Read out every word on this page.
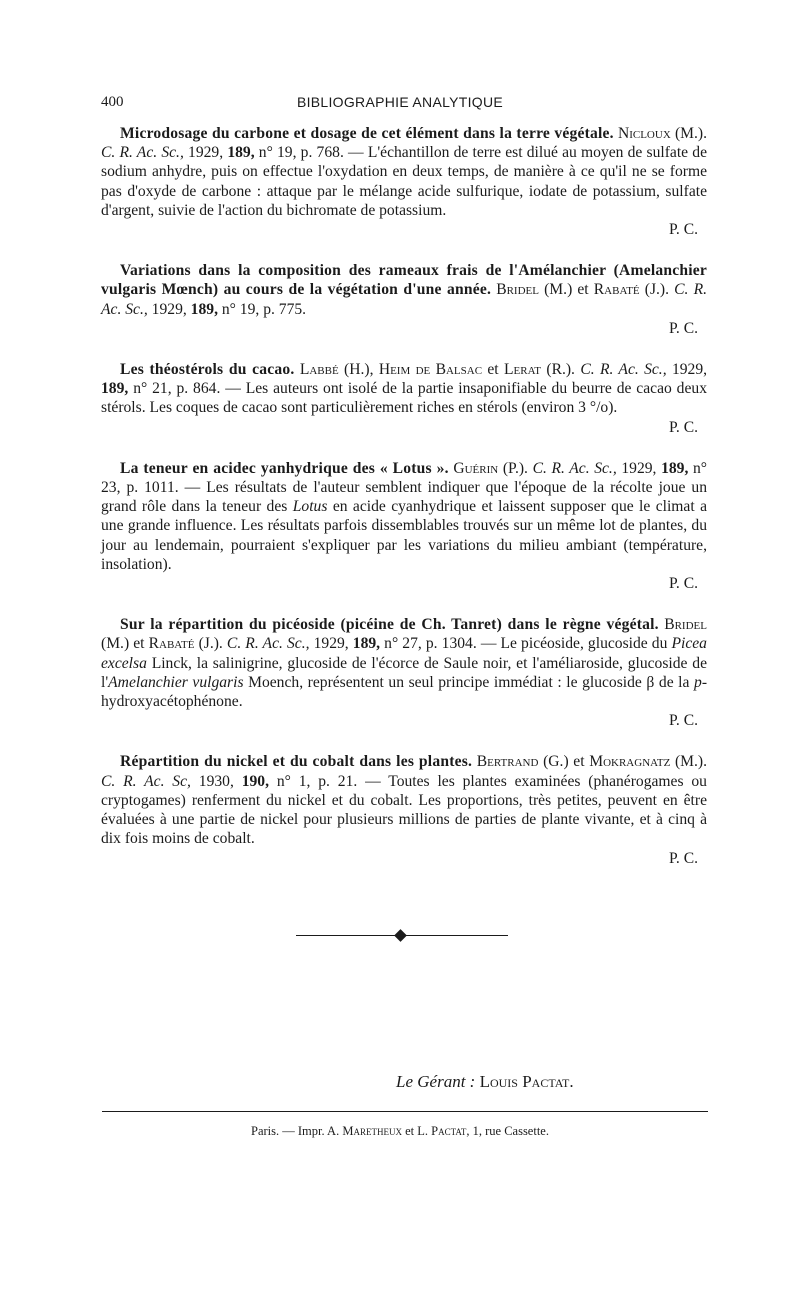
400	BIBLIOGRAPHIE ANALYTIQUE

Microdosage du carbone et dosage de cet élément dans la terre végétale. Nicloux (M.). C. R. Ac. Sc., 1929, 189, n° 19, p. 768. — L'échantillon de terre est dilué au moyen de sulfate de sodium anhydre, puis on effectue l'oxydation en deux temps, de manière à ce qu'il ne se forme pas d'oxyde de carbone : attaque par le mélange acide sulfurique, iodate de potassium, sulfate d'argent, suivie de l'action du bichromate de potassium.
P. C.

Variations dans la composition des rameaux frais de l'Amélanchier (Amelanchier vulgaris Mœnch) au cours de la végétation d'une année. Bridel (M.) et Rabaté (J.). C. R. Ac. Sc., 1929, 189, n° 19, p. 775.
P. C.

Les théostérols du cacao. Labbé (H.), Heim de Balsac et Lerat (R.). C. R. Ac. Sc., 1929, 189, n° 21, p. 864. — Les auteurs ont isolé de la partie insaponifiable du beurre de cacao deux stérols. Les coques de cacao sont particulièrement riches en stérols (environ 3 °/o).
P. C.

La teneur en acidec yanhydrique des « Lotus ». Guérin (P.). C. R. Ac. Sc., 1929, 189, n° 23, p. 1011. — Les résultats de l'auteur semblent indiquer que l'époque de la récolte joue un grand rôle dans la teneur des Lotus en acide cyanhydrique et laissent supposer que le climat a une grande influence. Les résultats parfois dissemblables trouvés sur un même lot de plantes, du jour au lendemain, pourraient s'expliquer par les variations du milieu ambiant (température, insolation).
P. C.

Sur la répartition du picéoside (picéine de Ch. Tanret) dans le règne végétal. Bridel (M.) et Rabaté (J.). C. R. Ac. Sc., 1929, 189, n° 27, p. 1304. — Le picéoside, glucoside du Picea excelsa Linck, la salinigrine, glucoside de l'écorce de Saule noir, et l'améliaroside, glucoside de l'Amelanchier vulgaris Moench, représentent un seul principe immédiat : le glucoside β de la p-hydroxyacétophénone.
P. C.

Répartition du nickel et du cobalt dans les plantes. Bertrand (G.) et Mokragnatz (M.). C. R. Ac. Sc, 1930, 190, n° 1, p. 21. — Toutes les plantes examinées (phanérogames ou cryptogames) renferment du nickel et du cobalt. Les proportions, très petites, peuvent en être évaluées à une partie de nickel pour plusieurs millions de parties de plante vivante, et à cinq à dix fois moins de cobalt.
P. C.

Le Gérant : Louis Pactat.
Paris. — Impr. A. Maretheux et L. Pactat, 1, rue Cassette.
